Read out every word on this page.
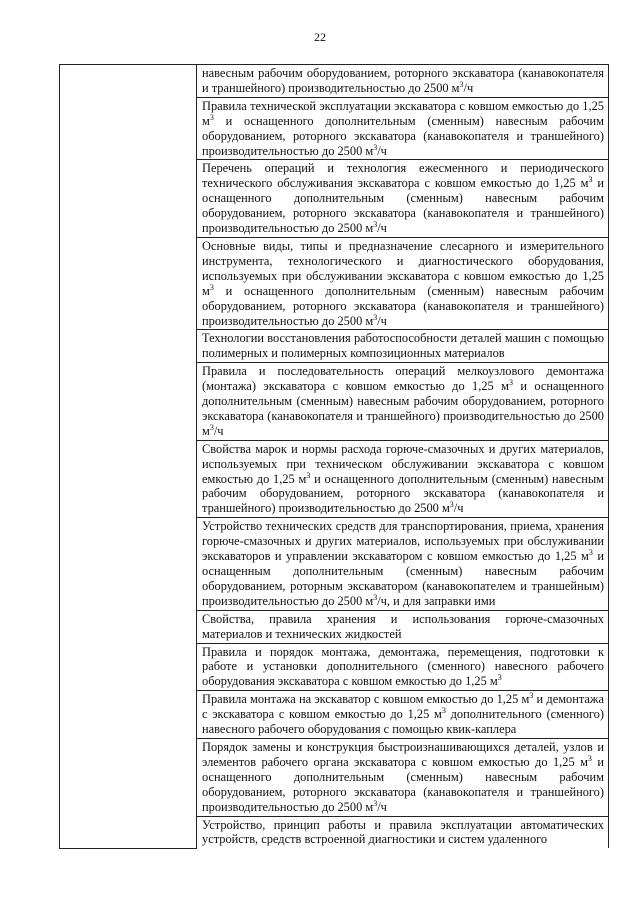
22
	навесным рабочим оборудованием, роторного экскаватора (канавокопателя и траншейного) производительностью до 2500 $м^3/ч$
Правила технической эксплуатации экскаватора с ковшом емкостью до 1,25 $м^3$ и оснащенного дополнительным (сменным) навесным рабочим оборудованием, роторного экскаватора (канавокопателя и траншейного) производительностью до 2500 $м^3/ч$
Перечень операций и технология ежесменного и периодического технического обслуживания экскаватора с ковшом емкостью до 1,25 $м^3$ и оснащенного дополнительным (сменным) навесным рабочим оборудованием, роторного экскаватора (канавокопателя и траншейного) производительностью до 2500 $м^3/ч$
Основные виды, типы и предназначение слесарного и измерительного инструмента, технологического и диагностического оборудования, используемых при обслуживании экскаватора с ковшом емкостью до 1,25 $м^3$ и оснащенного дополнительным (сменным) навесным рабочим оборудованием, роторного экскаватора (канавокопателя и траншейного) производительностью до 2500 $м^3/ч$
Технологии восстановления работоспособности деталей машин с помощью полимерных и полимерных композиционных материалов
Правила и последовательность операций мелкоузлового демонтажа (монтажа) экскаватора с ковшом емкостью до 1,25 $м^3$ и оснащенного дополнительным (сменным) навесным рабочим оборудованием, роторного экскаватора (канавокопателя и траншейного) производительностью до 2500 $м^3/ч$
Свойства марок и нормы расхода горюче-смазочных и других материалов, используемых при техническом обслуживании экскаватора с ковшом емкостью до 1,25 $м^3$ и оснащенного дополнительным (сменным) навесным рабочим оборудованием, роторного экскаватора (канавокопателя и траншейного) производительностью до 2500 $м^3/ч$
Устройство технических средств для транспортирования, приема, хранения горюче-смазочных и других материалов, используемых при обслуживании экскаваторов и управлении экскаватором с ковшом емкостью до 1,25 $м^3$ и оснащенным дополнительным (сменным) навесным рабочим оборудованием, роторным экскаватором (канавокопателем и траншейным) производительностью до 2500 $м^3/ч$, и для заправки ими
Свойства, правила хранения и использования горюче-смазочных материалов и технических жидкостей
Правила и порядок монтажа, демонтажа, перемещения, подготовки к работе и установки дополнительного (сменного) навесного рабочего оборудования экскаватора с ковшом емкостью до 1,25 $м^3$
Правила монтажа на экскаватор с ковшом емкостью до 1,25 $м^3$ и демонтажа с экскаватора с ковшом емкостью до 1,25 $м^3$ дополнительного (сменного) навесного рабочего оборудования с помощью квик-каплера
Порядок замены и конструкция быстроизнашивающихся деталей, узлов и элементов рабочего органа экскаватора с ковшом емкостью до 1,25 $м^3$ и оснащенного дополнительным (сменным) навесным рабочим оборудованием, роторного экскаватора (канавокопателя и траншейного) производительностью до 2500 $м^3/ч$
Устройство, принцип работы и правила эксплуатации автоматических устройств, средств встроенной диагностики и систем удаленного
